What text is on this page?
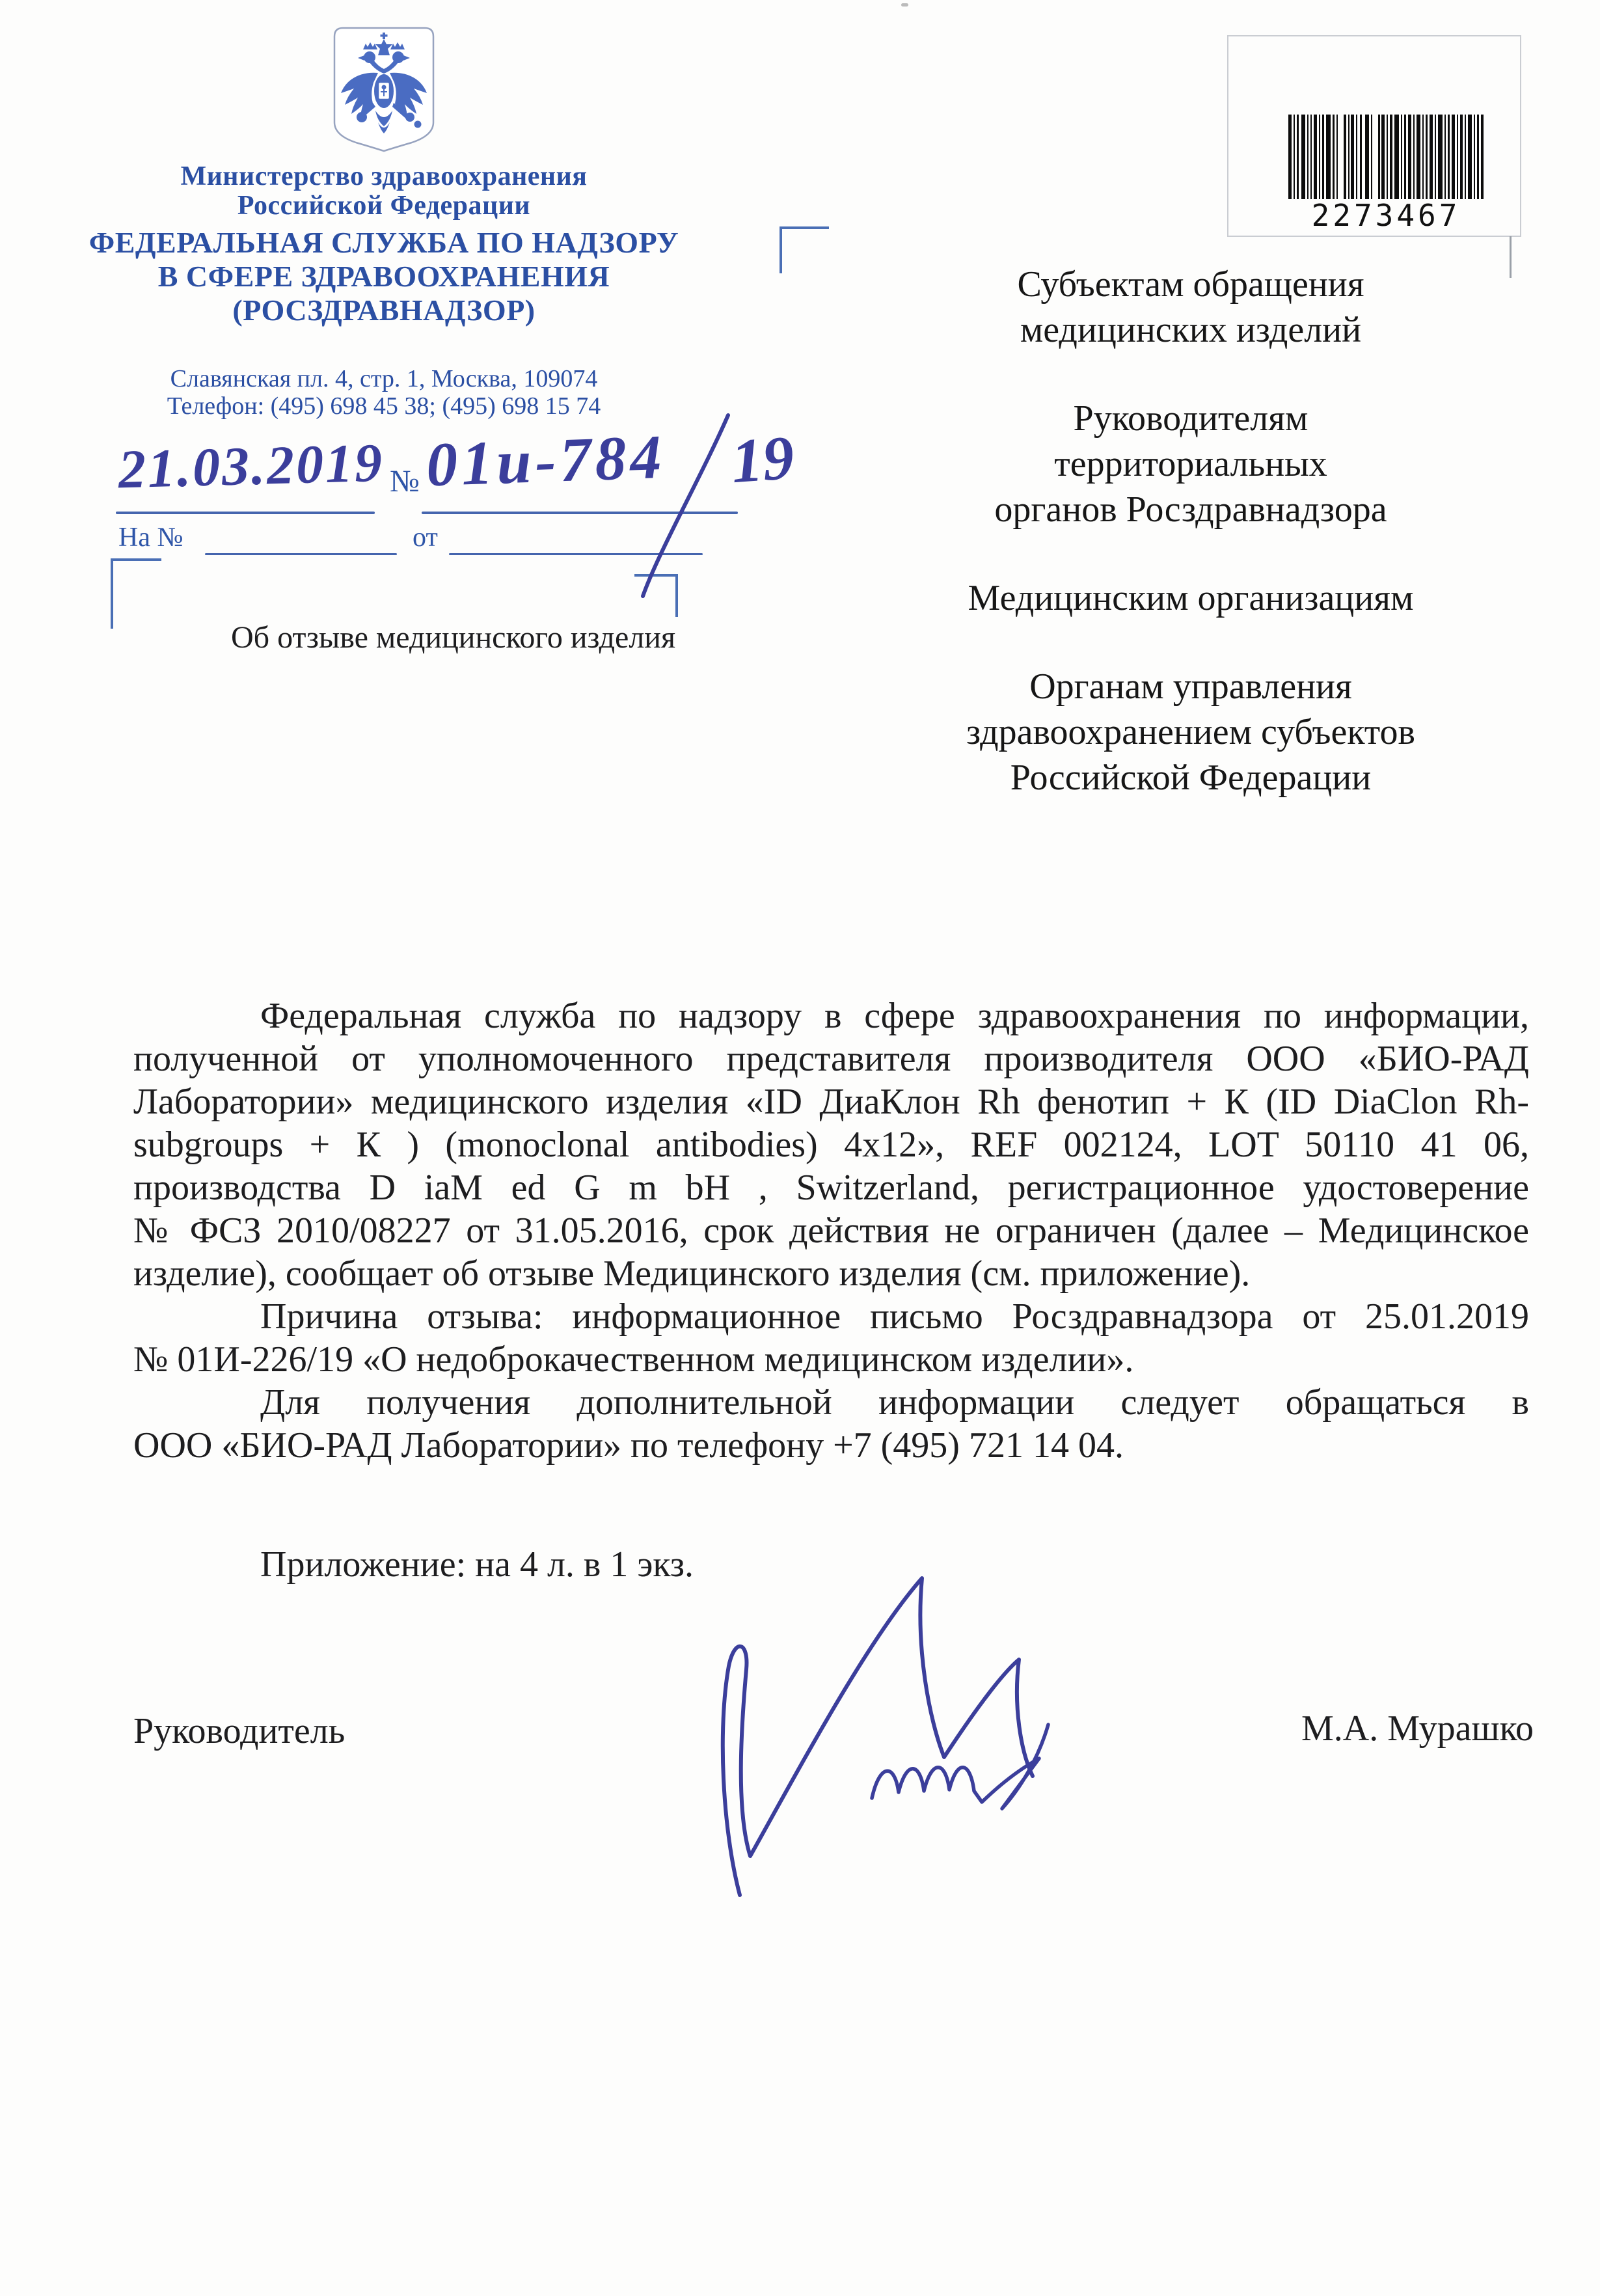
Министерство здравоохранения
Российской Федерации
ФЕДЕРАЛЬНАЯ СЛУЖБА ПО НАДЗОРУ
В СФЕРЕ ЗДРАВООХРАНЕНИЯ
(РОСЗДРАВНАДЗОР)
Славянская пл. 4, стр. 1, Москва, 109074
Телефон: (495) 698 45 38; (495) 698 15 74
21.03.2019 № 01и-784 19
На №	от
Об отзыве медицинского изделия
2273467
Субъектам обращения
медицинских изделий
Руководителям
территориальных
органов Росздравнадзора
Медицинским организациям
Органам управления
здравоохранением субъектов
Российской Федерации
Федеральная служба по надзору в сфере здравоохранения по информации,
полученной от уполномоченного представителя производителя ООО «БИО-РАД
Лаборатории» медицинского изделия «ID ДиаКлон Rh фенотип + К (ID DiaClon Rh-
subgroups + К ) (monoclonal antibodies) 4х12», REF 002124, LOT 50110 41 06,
производства D iaM ed G m bH , Switzerland, регистрационное удостоверение
№ ФСЗ 2010/08227 от 31.05.2016, срок действия не ограничен (далее – Медицинское
изделие), сообщает об отзыве Медицинского изделия (см. приложение).
Причина отзыва: информационное письмо Росздравнадзора от 25.01.2019
№ 01И-226/19 «О недоброкачественном медицинском изделии».
Для получения дополнительной информации следует обращаться в
ООО «БИО-РАД Лаборатории» по телефону +7 (495) 721 14 04.
Приложение: на 4 л. в 1 экз.
Руководитель	М.А. Мурашко
